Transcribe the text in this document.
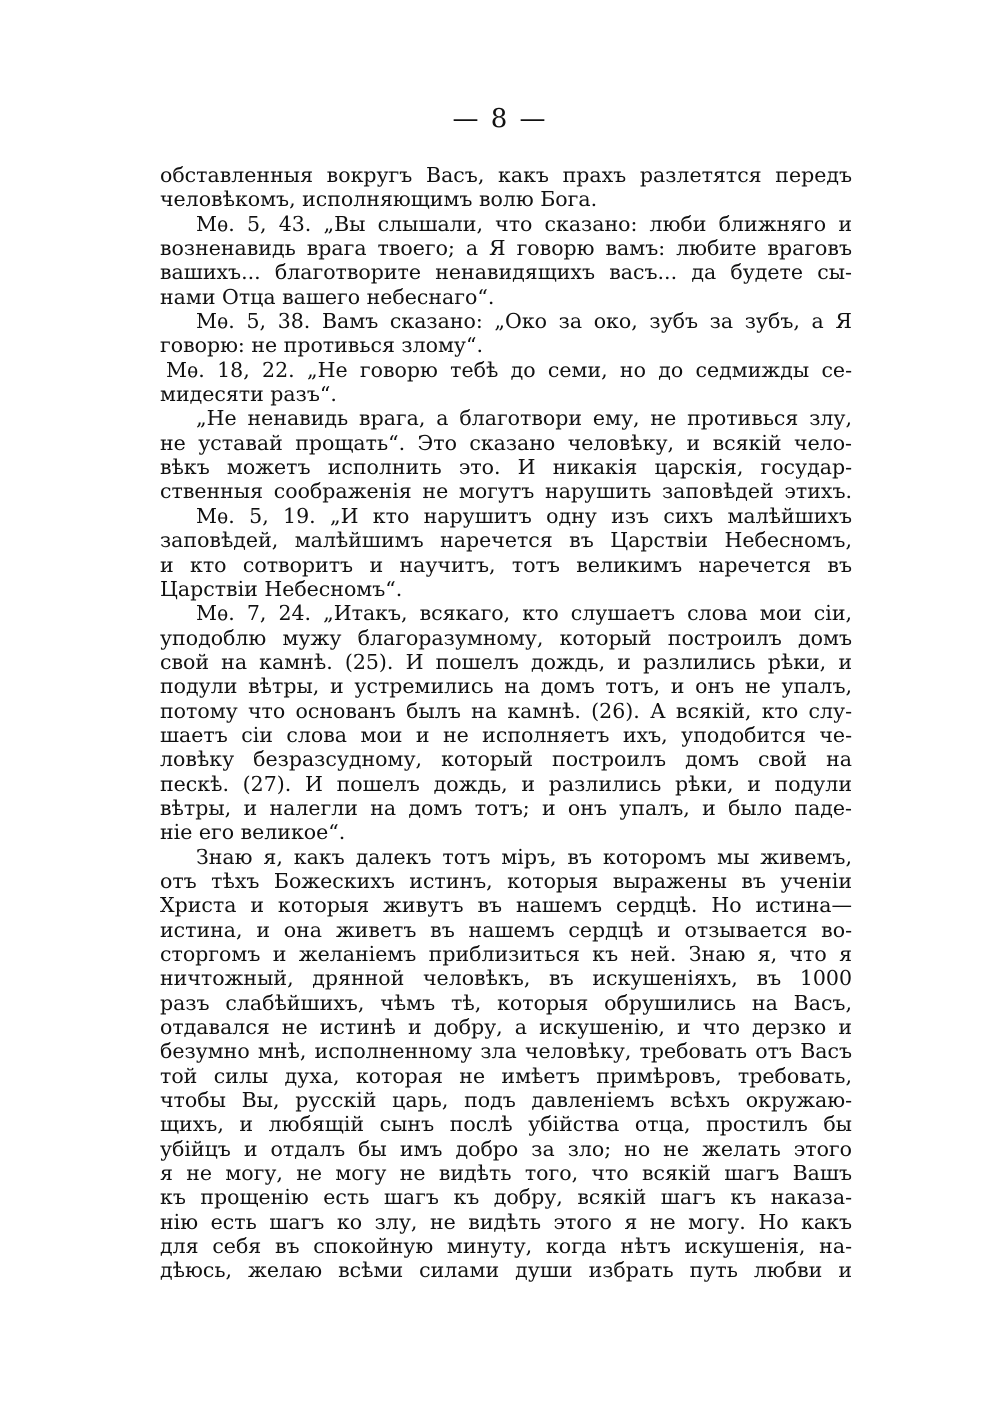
— 8 —
обставленныя вокругъ Васъ, какъ прахъ разлетятся передъ
человѣкомъ, исполняющимъ волю Бога.
Мѳ. 5, 43. „Вы слышали, что сказано: люби ближняго и
возненавидь врага твоего; а Я говорю вамъ: любите враговъ
вашихъ... благотворите ненавидящихъ васъ... да будете сы-
нами Отца вашего небеснаго“.
Мѳ. 5, 38. Вамъ сказано: „Око за око, зубъ за зубъ, а Я
говорю: не противься злому“.
Мѳ. 18, 22. „Не говорю тебѣ до семи, но до седмижды се-
мидесяти разъ“.
„Не ненавидь врага, а благотвори ему, не противься злу,
не уставай прощать“. Это сказано человѣку, и всякій чело-
вѣкъ можетъ исполнить это. И никакія царскія, государ-
ственныя соображенія не могутъ нарушить заповѣдей этихъ.
Мѳ. 5, 19. „И кто нарушитъ одну изъ сихъ малѣйшихъ
заповѣдей, малѣйшимъ наречется въ Царствіи Небесномъ,
и кто сотворитъ и научитъ, тотъ великимъ наречется въ
Царствіи Небесномъ“.
Мѳ. 7, 24. „Итакъ, всякаго, кто слушаетъ слова мои сіи,
уподоблю мужу благоразумному, который построилъ домъ
свой на камнѣ. (25). И пошелъ дождь, и разлились рѣки, и
подули вѣтры, и устремились на домъ тотъ, и онъ не упалъ,
потому что основанъ былъ на камнѣ. (26). А всякій, кто слу-
шаетъ сіи слова мои и не исполняетъ ихъ, уподобится че-
ловѣку безразсудному, который построилъ домъ свой на
пескѣ. (27). И пошелъ дождь, и разлились рѣки, и подули
вѣтры, и налегли на домъ тотъ; и онъ упалъ, и было паде-
ніе его великое“.
Знаю я, какъ далекъ тотъ міръ, въ которомъ мы живемъ,
отъ тѣхъ Божескихъ истинъ, которыя выражены въ ученіи
Христа и которыя живутъ въ нашемъ сердцѣ. Но истина—
истина, и она живетъ въ нашемъ сердцѣ и отзывается во-
сторгомъ и желаніемъ приблизиться къ ней. Знаю я, что я
ничтожный, дрянной человѣкъ, въ искушеніяхъ, въ 1000
разъ слабѣйшихъ, чѣмъ тѣ, которыя обрушились на Васъ,
отдавался не истинѣ и добру, а искушенію, и что дерзко и
безумно мнѣ, исполненному зла человѣку, требовать отъ Васъ
той силы духа, которая не имѣетъ примѣровъ, требовать,
чтобы Вы, русскій царь, подъ давленіемъ всѣхъ окружаю-
щихъ, и любящій сынъ послѣ убійства отца, простилъ бы
убійцъ и отдалъ бы имъ добро за зло; но не желать этого
я не могу, не могу не видѣть того, что всякій шагъ Вашъ
къ прощенію есть шагъ къ добру, всякій шагъ къ наказа-
нію есть шагъ ко злу, не видѣть этого я не могу. Но какъ
для себя въ спокойную минуту, когда нѣтъ искушенія, на-
дѣюсь, желаю всѣми силами души избрать путь любви и
